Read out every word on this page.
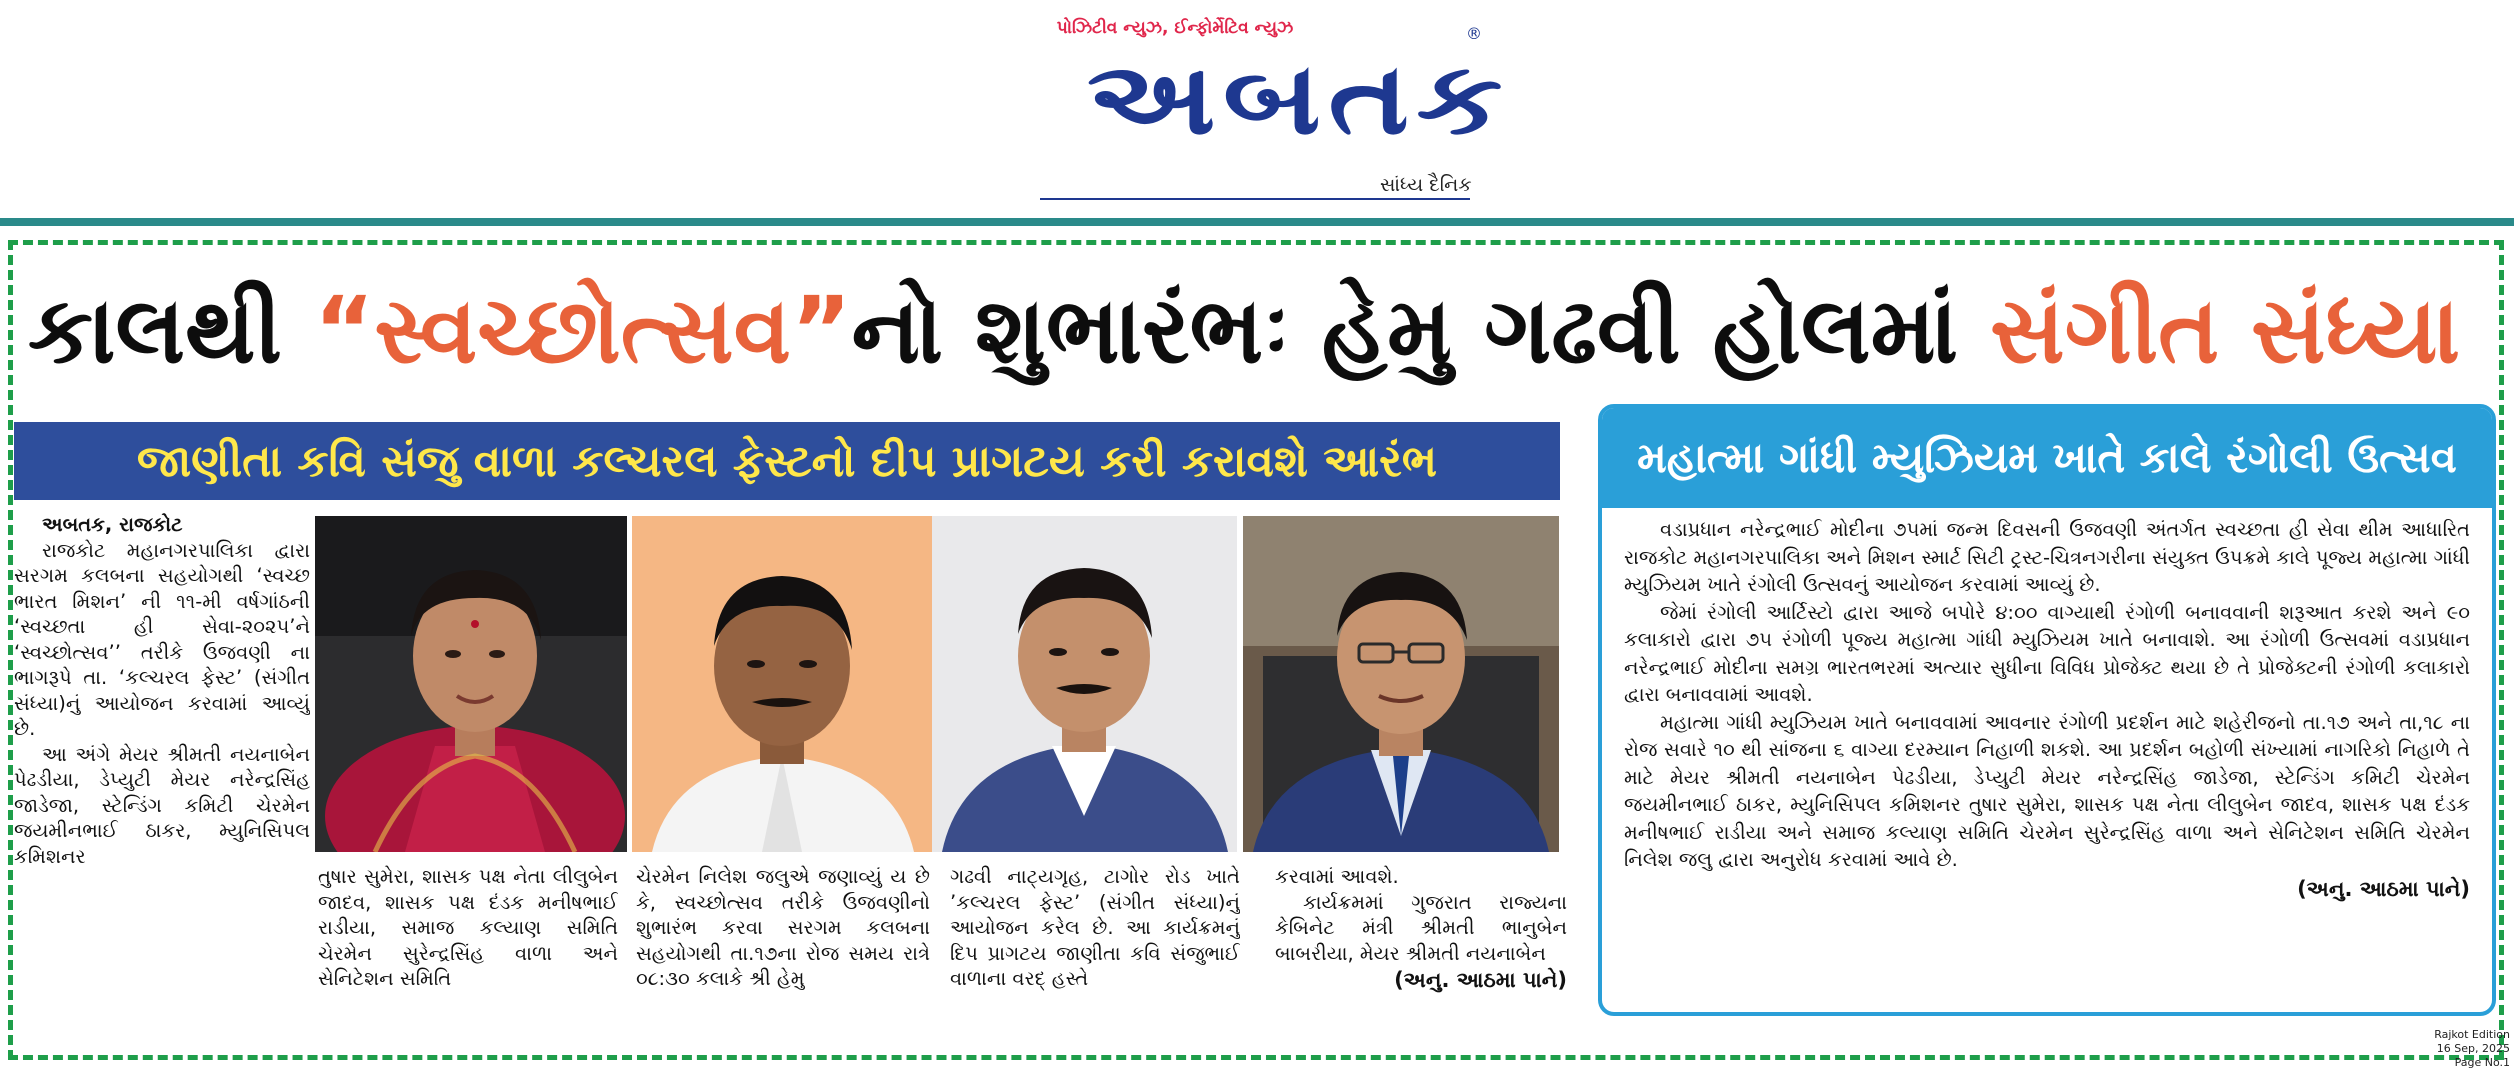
પોઝિટીવ ન્યુઝ, ઈન્ફોર્મેટિવ ન્યુઝ
અબતક
®
સાંધ્ય દૈનિક
કાલથી “સ્વચ્છોત્સવ”નો શુભારંભઃ હેમુ ગઢવી હોલમાં સંગીત સંધ્યા
જાણીતા કવિ સંજુ વાળા કલ્ચરલ ફેસ્ટનો દીપ પ્રાગટય કરી કરાવશે આરંભ

અબતક, રાજકોટ

રાજકોટ મહાનગરપાલિકા દ્વારા સરગમ કલબના સહયોગથી ‘સ્વચ્છ ભારત મિશન’ ની ૧૧-મી વર્ષગાંઠની ‘સ્વચ્છતા હી સેવા-૨૦૨૫’ને ‘સ્વચ્છોત્સવ’’ તરીકે ઉજવણી ના ભાગરૂપે તા. ‘કલ્ચરલ ફેસ્ટ’ (સંગીત સંધ્યા)નું આયોજન કરવામાં આવ્યું છે.

આ અંગે મેયર શ્રીમતી નયનાબેન પેઢડીયા, ડેપ્યુટી મેયર નરેન્દ્રસિંહ જાડેજા, સ્ટેન્ડિંગ કમિટી ચેરમેન જયમીનભાઈ ઠાકર, મ્યુનિસિપલ કમિશનર

તુષાર સુમેરા, શાસક પક્ષ નેતા લીલુબેન જાદવ, શાસક પક્ષ દંડક મનીષભાઈ રાડીયા, સમાજ કલ્યાણ સમિતિ ચેરમેન સુરેન્દ્રસિંહ વાળા અને સેનિટેશન સમિતિ

ચેરમેન નિલેશ જલુએ જણાવ્યું ય છે કે, સ્વચ્છોત્સવ તરીકે ઉજવણીનો શુભારંભ કરવા સરગમ કલબના સહયોગથી તા.૧૭ના રોજ સમય રાત્રે ૦૮:૩૦ કલાકે શ્રી હેમુ

ગઢવી નાટ્યગૃહ, ટાગોર રોડ ખાતે ’કલ્ચરલ ફેસ્ટ’ (સંગીત સંધ્યા)નું આયોજન કરેલ છે. આ કાર્યક્રમનું દિપ પ્રાગટય જાણીતા કવિ સંજુભાઈ વાળાના વરદ્ હસ્તે

કરવામાં આવશે.

કાર્યક્રમમાં ગુજરાત રાજ્યના કેબિનેટ મંત્રી શ્રીમતી ભાનુબેન બાબરીયા, મેયર શ્રીમતી નયનાબેન

(અનુ. આઠમા પાને)
મહાત્મા ગાંધી મ્યુઝિયમ ખાતે કાલે રંગોલી ઉત્સવ

વડાપ્રધાન નરેન્દ્રભાઈ મોદીના ૭૫માં જન્મ દિવસની ઉજવણી અંતર્ગત સ્વચ્છતા હી સેવા થીમ આધારિત રાજકોટ મહાનગરપાલિકા અને મિશન સ્માર્ટ સિટી ટ્રસ્ટ-ચિત્રનગરીના સંયુક્ત ઉપક્રમે કાલે પૂજ્ય મહાત્મા ગાંધી મ્યુઝિયમ ખાતે રંગોલી ઉત્સવનું આયોજન કરવામાં આવ્યું છે.

જેમાં રંગોલી આર્ટિસ્ટો દ્વારા આજે બપોરે ૪:૦૦ વાગ્યાથી રંગોળી બનાવવાની શરૂઆત કરશે અને ૯૦ કલાકારો દ્વારા ૭૫ રંગોળી પૂજ્ય મહાત્મા ગાંધી મ્યુઝિયમ ખાતે બનાવાશે. આ રંગોળી ઉત્સવમાં વડાપ્રધાન નરેન્દ્રભાઈ મોદીના સમગ્ર ભારતભરમાં અત્યાર સુધીના વિવિધ પ્રોજેક્ટ થયા છે તે પ્રોજેક્ટની રંગોળી કલાકારો દ્વારા બનાવવામાં આવશે.

મહાત્મા ગાંધી મ્યુઝિયમ ખાતે બનાવવામાં આવનાર રંગોળી પ્રદર્શન માટે શહેરીજનો તા.૧૭ અને તા,૧૮ ના રોજ સવારે ૧૦ થી સાંજના ૬ વાગ્યા દરમ્યાન નિહાળી શકશે. આ પ્રદર્શન બહોળી સંખ્યામાં નાગરિકો નિહાળે તે માટે મેયર શ્રીમતી નયનાબેન પેઢડીયા, ડેપ્યુટી મેયર નરેન્દ્રસિંહ જાડેજા, સ્ટેન્ડિંગ કમિટી ચેરમેન જયમીનભાઈ ઠાકર, મ્યુનિસિપલ કમિશનર તુષાર સુમેરા, શાસક પક્ષ નેતા લીલુબેન જાદવ, શાસક પક્ષ દંડક મનીષભાઈ રાડીયા અને સમાજ કલ્યાણ સમિતિ ચેરમેન સુરેન્દ્રસિંહ વાળા અને સેનિટેશન સમિતિ ચેરમેન નિલેશ જલુ દ્વારા અનુરોધ કરવામાં આવે છે.

(અનુ. આઠમા પાને)
Rajkot Edition
16 Sep, 2025 Page No.1
